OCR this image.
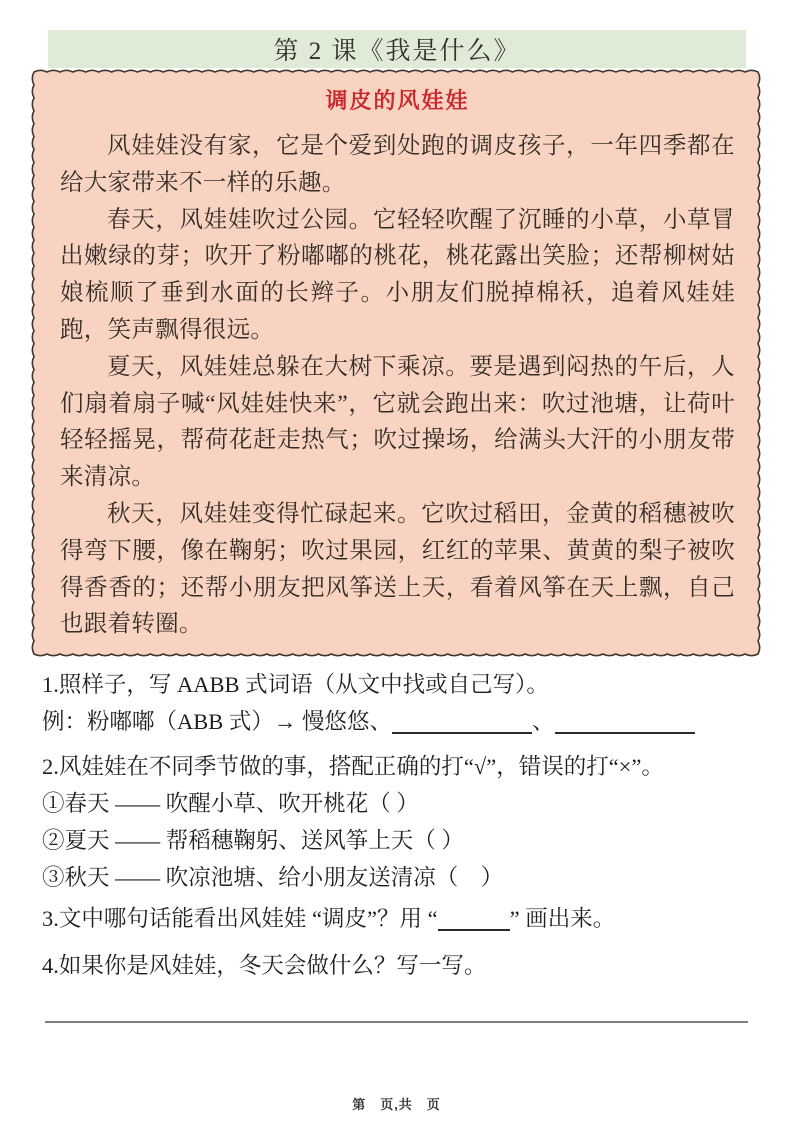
第 2 课《我是什么》
调皮的风娃娃

风娃娃没有家，它是个爱到处跑的调皮孩子，一年四季都在给大家带来不一样的乐趣。

春天，风娃娃吹过公园。它轻轻吹醒了沉睡的小草，小草冒出嫩绿的芽；吹开了粉嘟嘟的桃花，桃花露出笑脸；还帮柳树姑娘梳顺了垂到水面的长辫子。小朋友们脱掉棉袄，追着风娃娃跑，笑声飘得很远。

夏天，风娃娃总躲在大树下乘凉。要是遇到闷热的午后，人们扇着扇子喊“风娃娃快来”，它就会跑出来：吹过池塘，让荷叶轻轻摇晃，帮荷花赶走热气；吹过操场，给满头大汗的小朋友带来清凉。

秋天，风娃娃变得忙碌起来。它吹过稻田，金黄的稻穗被吹得弯下腰，像在鞠躬；吹过果园，红红的苹果、黄黄的梨子被吹得香香的；还帮小朋友把风筝送上天，看着风筝在天上飘，自己也跟着转圈。

1.照样子，写 AABB 式词语（从文中找或自己写）。
例：粉嘟嘟（ABB 式）→ 慢悠悠、	、
2.风娃娃在不同季节做的事，搭配正确的打“√”，错误的打“×”。
①春天 —— 吹醒小草、吹开桃花（ ）
②夏天 —— 帮稻穗鞠躬、送风筝上天（ ）
③秋天 —— 吹凉池塘、给小朋友送清凉（　）
3.文中哪句话能看出风娃娃 “调皮”？用 “	” 画出来。
4.如果你是风娃娃，冬天会做什么？写一写。
第　页,共　页
